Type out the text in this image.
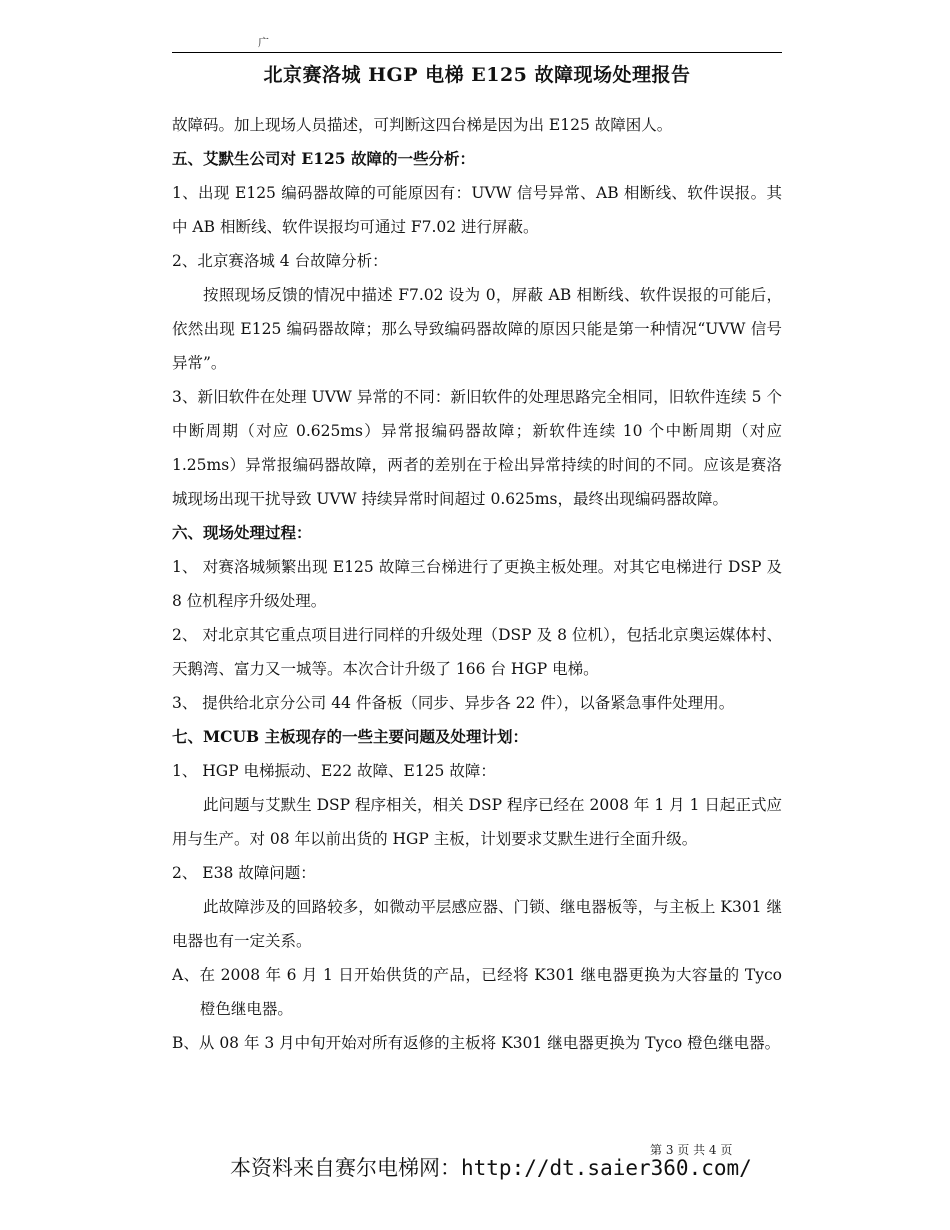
广
北京赛洛城 HGP 电梯 E125 故障现场处理报告

故障码。加上现场人员描述，可判断这四台梯是因为出 E125 故障困人。

五、艾默生公司对 E125 故障的一些分析：

1、出现 E125 编码器故障的可能原因有：UVW 信号异常、AB 相断线、软件误报。其中 AB 相断线、软件误报均可通过 F7.02 进行屏蔽。

2、北京赛洛城 4 台故障分析：

按照现场反馈的情况中描述 F7.02 设为 0，屏蔽 AB 相断线、软件误报的可能后，依然出现 E125 编码器故障；那么导致编码器故障的原因只能是第一种情况“UVW 信号异常”。

3、新旧软件在处理 UVW 异常的不同：新旧软件的处理思路完全相同，旧软件连续 5 个中断周期（对应 0.625ms）异常报编码器故障；新软件连续 10 个中断周期（对应 1.25ms）异常报编码器故障，两者的差别在于检出异常持续的时间的不同。应该是赛洛城现场出现干扰导致 UVW 持续异常时间超过 0.625ms，最终出现编码器故障。

六、现场处理过程：

1、 对赛洛城频繁出现 E125 故障三台梯进行了更换主板处理。对其它电梯进行 DSP 及 8 位机程序升级处理。

2、 对北京其它重点项目进行同样的升级处理（DSP 及 8 位机），包括北京奥运媒体村、天鹅湾、富力又一城等。本次合计升级了 166 台 HGP 电梯。

3、 提供给北京分公司 44 件备板（同步、异步各 22 件），以备紧急事件处理用。

七、MCUB 主板现存的一些主要问题及处理计划：

1、 HGP 电梯振动、E22 故障、E125 故障：

此问题与艾默生 DSP 程序相关，相关 DSP 程序已经在 2008 年 1 月 1 日起正式应用与生产。对 08 年以前出货的 HGP 主板，计划要求艾默生进行全面升级。

2、 E38 故障问题：

此故障涉及的回路较多，如微动平层感应器、门锁、继电器板等，与主板上 K301 继电器也有一定关系。

A、在 2008 年 6 月 1 日开始供货的产品，已经将 K301 继电器更换为大容量的 Tyco 橙色继电器。

B、从 08 年 3 月中旬开始对所有返修的主板将 K301 继电器更换为 Tyco 橙色继电器。

第 3 页 共 4 页
本资料来自赛尔电梯网：http://dt.saier360.com/
